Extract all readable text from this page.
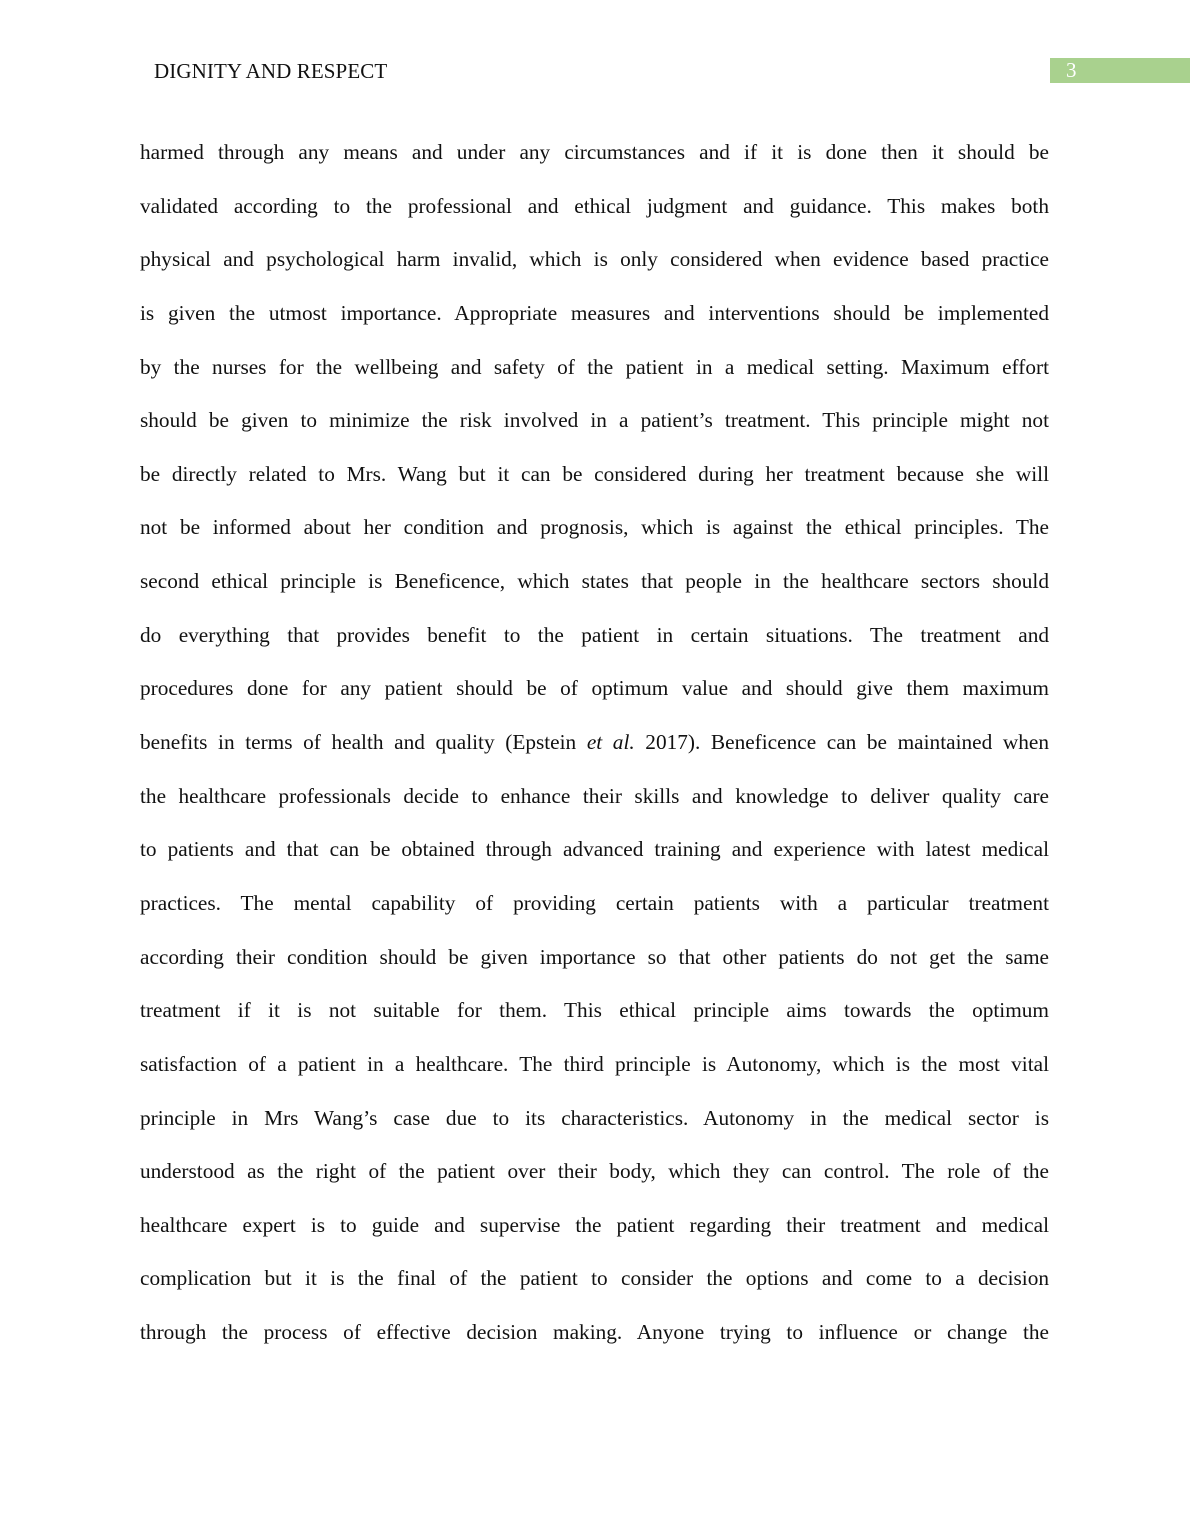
DIGNITY AND RESPECT	3
harmed through any means and under any circumstances and if it is done then it should be
validated according to the professional and ethical judgment and guidance. This makes both
physical and psychological harm invalid, which is only considered when evidence based practice
is given the utmost importance. Appropriate measures and interventions should be implemented
by the nurses for the wellbeing and safety of the patient in a medical setting. Maximum effort
should be given to minimize the risk involved in a patient’s treatment. This principle might not
be directly related to Mrs. Wang but it can be considered during her treatment because she will
not be informed about her condition and prognosis, which is against the ethical principles. The
second ethical principle is Beneficence, which states that people in the healthcare sectors should
do everything that provides benefit to the patient in certain situations. The treatment and
procedures done for any patient should be of optimum value and should give them maximum
benefits in terms of health and quality (Epstein et al. 2017). Beneficence can be maintained when
the healthcare professionals decide to enhance their skills and knowledge to deliver quality care
to patients and that can be obtained through advanced training and experience with latest medical
practices. The mental capability of providing certain patients with a particular treatment
according their condition should be given importance so that other patients do not get the same
treatment if it is not suitable for them. This ethical principle aims towards the optimum
satisfaction of a patient in a healthcare. The third principle is Autonomy, which is the most vital
principle in Mrs Wang’s case due to its characteristics. Autonomy in the medical sector is
understood as the right of the patient over their body, which they can control. The role of the
healthcare expert is to guide and supervise the patient regarding their treatment and medical
complication but it is the final of the patient to consider the options and come to a decision
through the process of effective decision making. Anyone trying to influence or change the
